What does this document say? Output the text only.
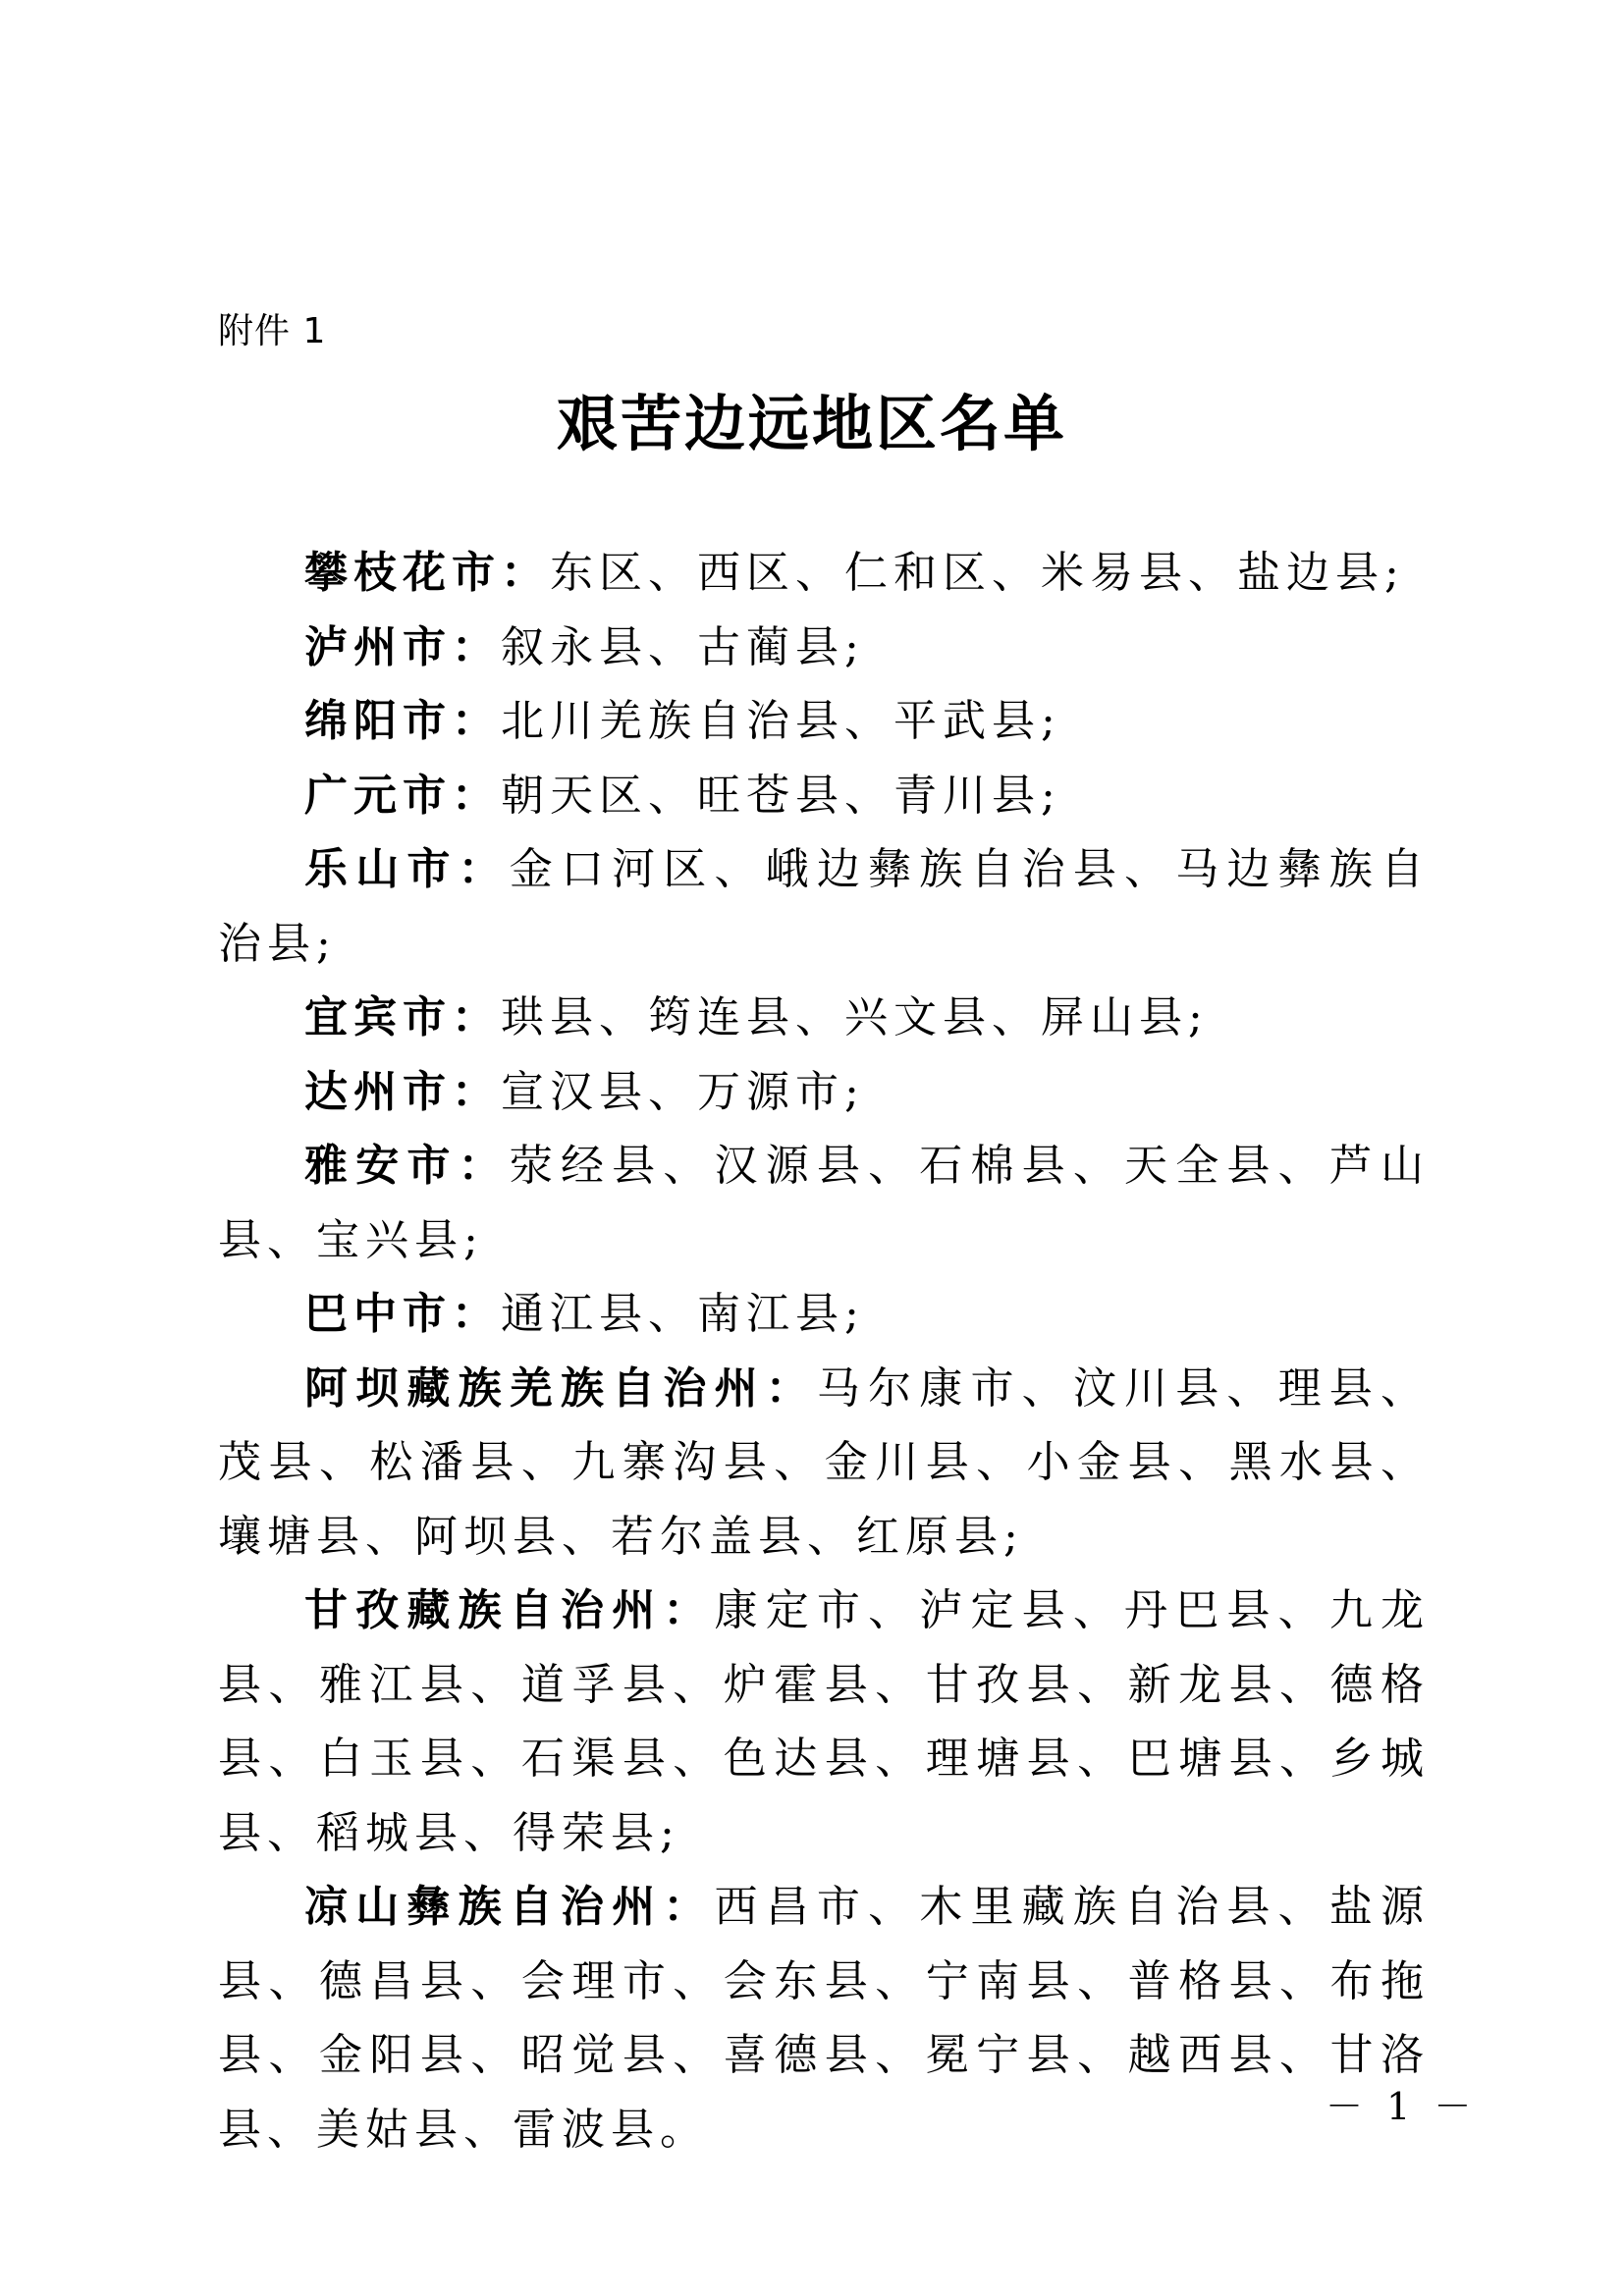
附件 1
艰苦边远地区名单

攀枝花市：东区、西区、仁和区、米易县、盐边县;

泸州市：叙永县、古蔺县;

绵阳市：北川羌族自治县、平武县;

广元市：朝天区、旺苍县、青川县;

乐山市：金口河区、峨边彝族自治县、马边彝族自治县;

宜宾市：珙县、筠连县、兴文县、屏山县;

达州市：宣汉县、万源市;

雅安市：荥经县、汉源县、石棉县、天全县、芦山县、宝兴县;

巴中市：通江县、南江县;

阿坝藏族羌族自治州：马尔康市、汶川县、理县、茂县、松潘县、九寨沟县、金川县、小金县、黑水县、壤塘县、阿坝县、若尔盖县、红原县;

甘孜藏族自治州：康定市、泸定县、丹巴县、九龙县、雅江县、道孚县、炉霍县、甘孜县、新龙县、德格县、白玉县、石渠县、色达县、理塘县、巴塘县、乡城县、稻城县、得荣县;

凉山彝族自治州：西昌市、木里藏族自治县、盐源县、德昌县、会理市、会东县、宁南县、普格县、布拖县、金阳县、昭觉县、喜德县、冕宁县、越西县、甘洛县、美姑县、雷波县。	－ 1 －
